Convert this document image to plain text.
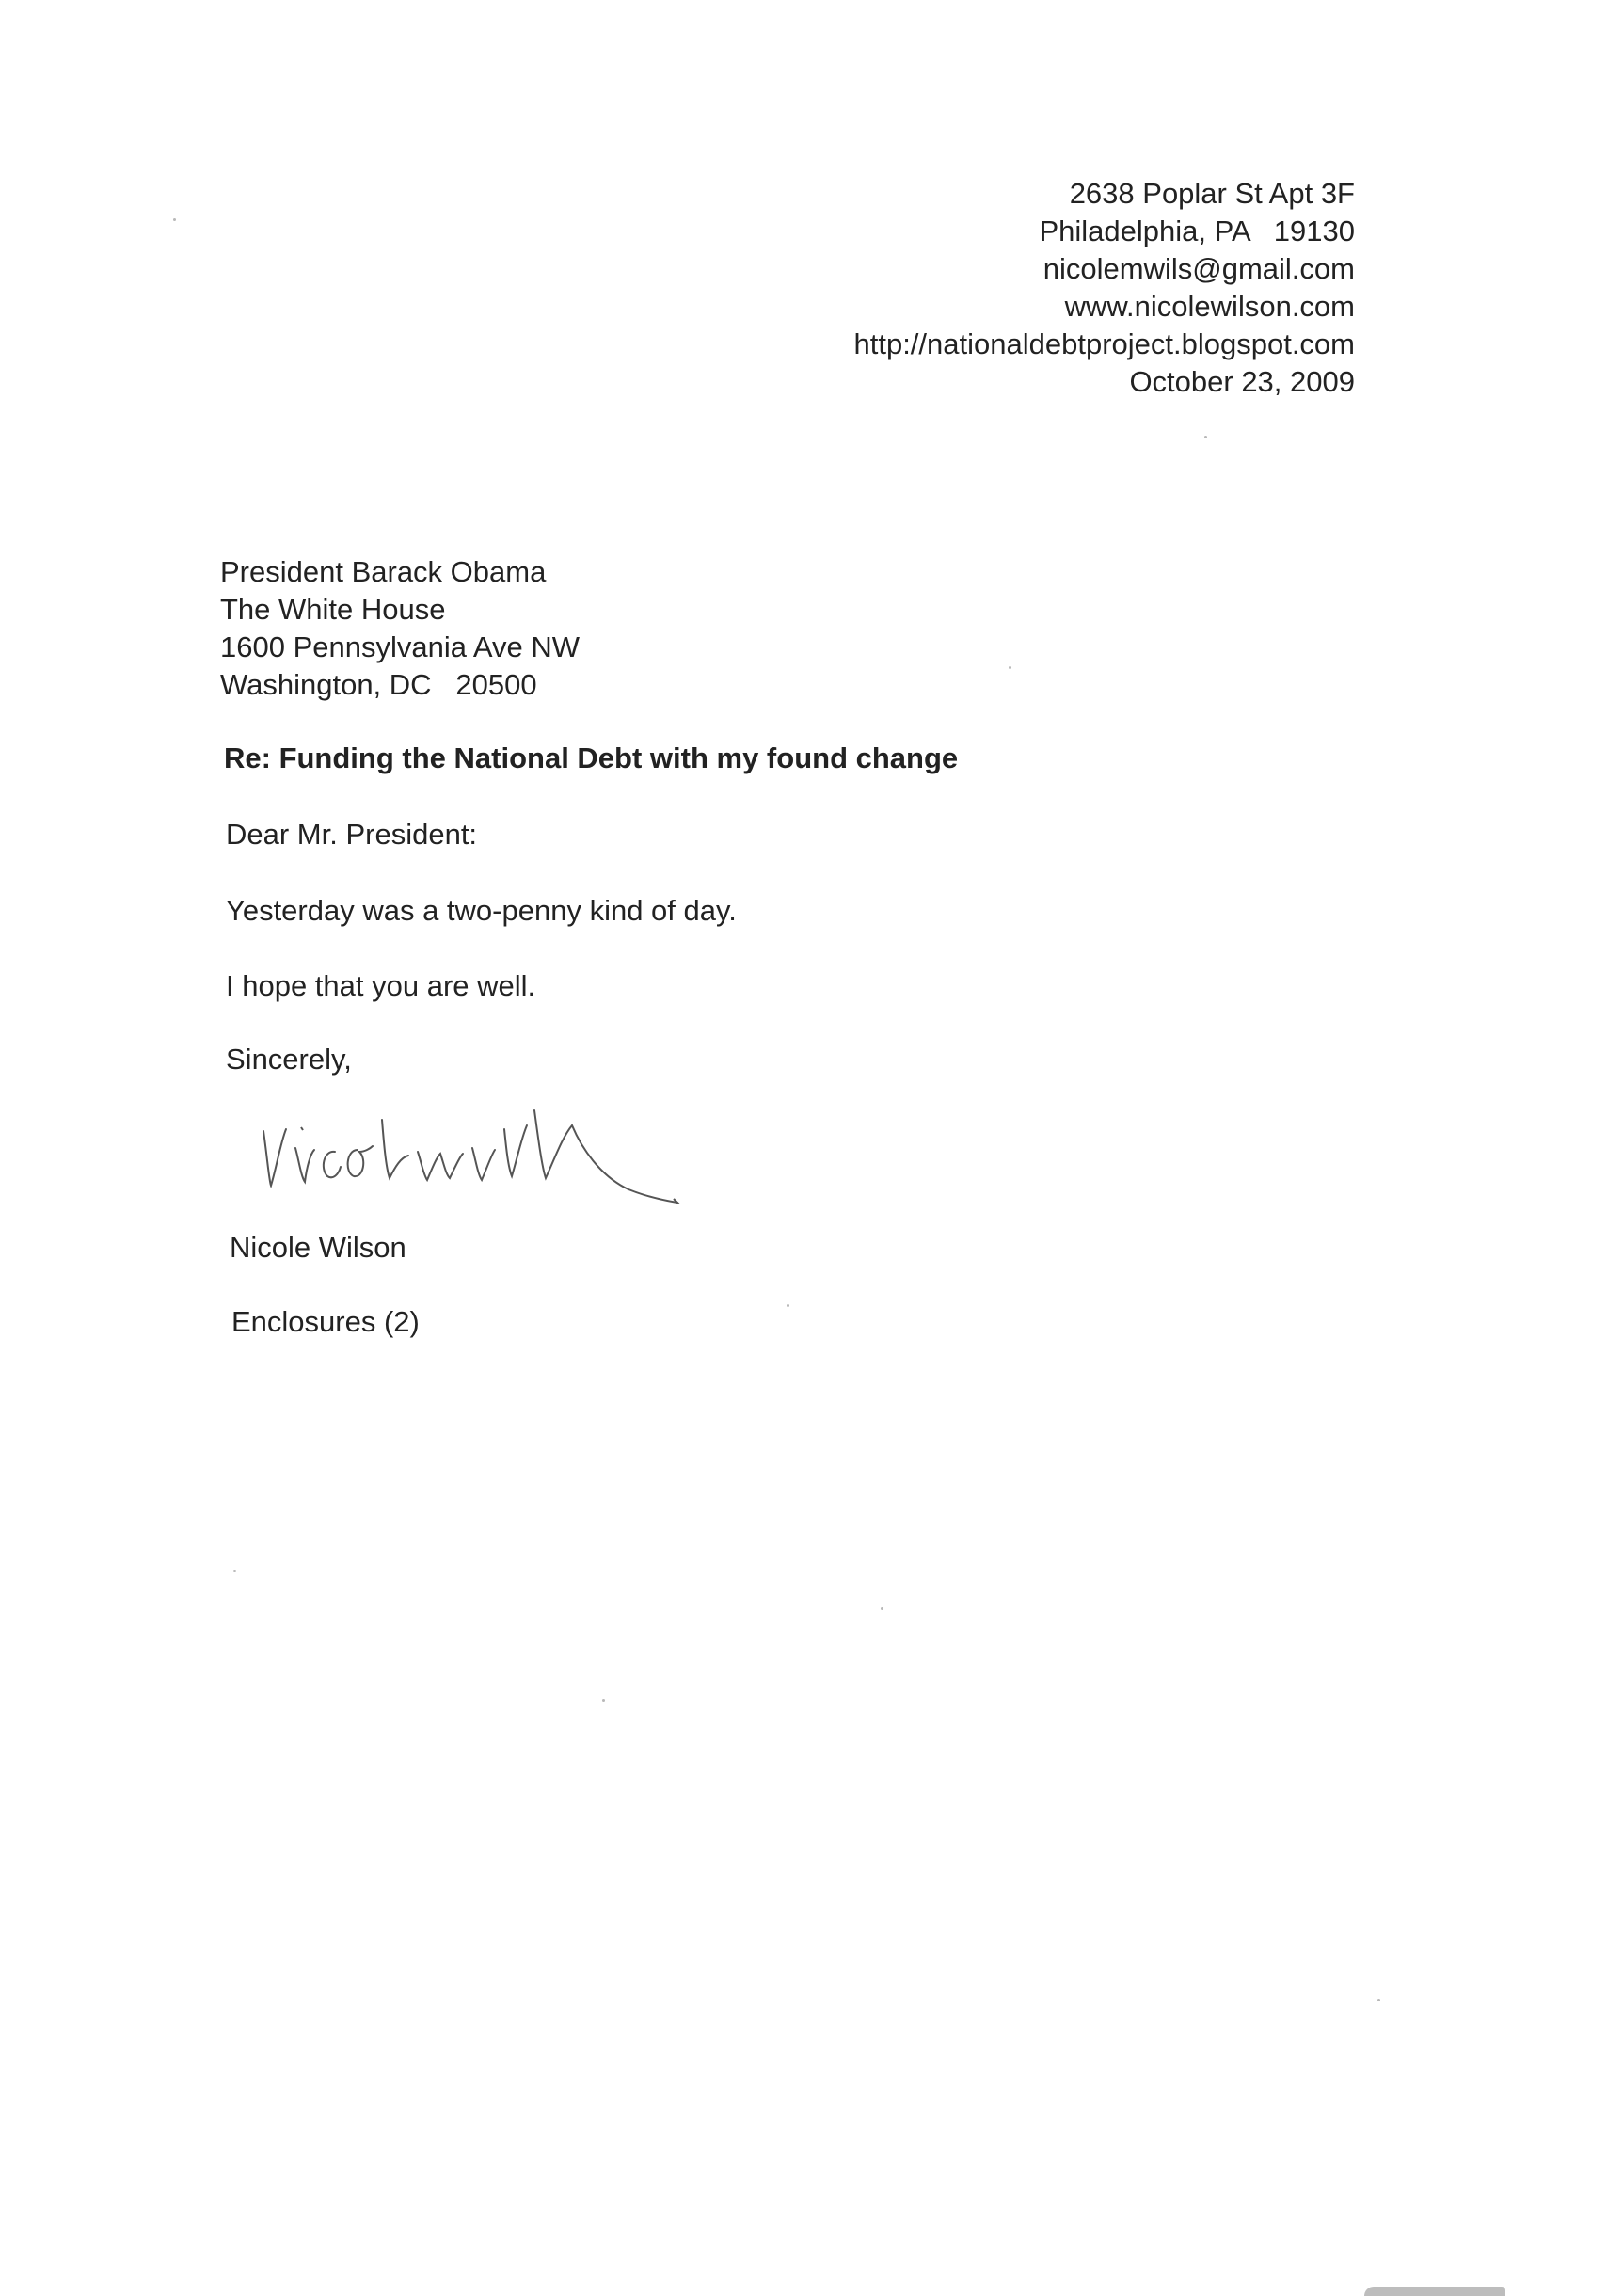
2638 Poplar St Apt 3F
Philadelphia, PA   19130
nicolemwils@gmail.com
www.nicolewilson.com
http://nationaldebtproject.blogspot.com
October 23, 2009
President Barack Obama
The White House
1600 Pennsylvania Ave NW
Washington, DC   20500
Re: Funding the National Debt with my found change
Dear Mr. President:
Yesterday was a two-penny kind of day.
I hope that you are well.
Sincerely,
Nicole Wilson
Enclosures (2)
